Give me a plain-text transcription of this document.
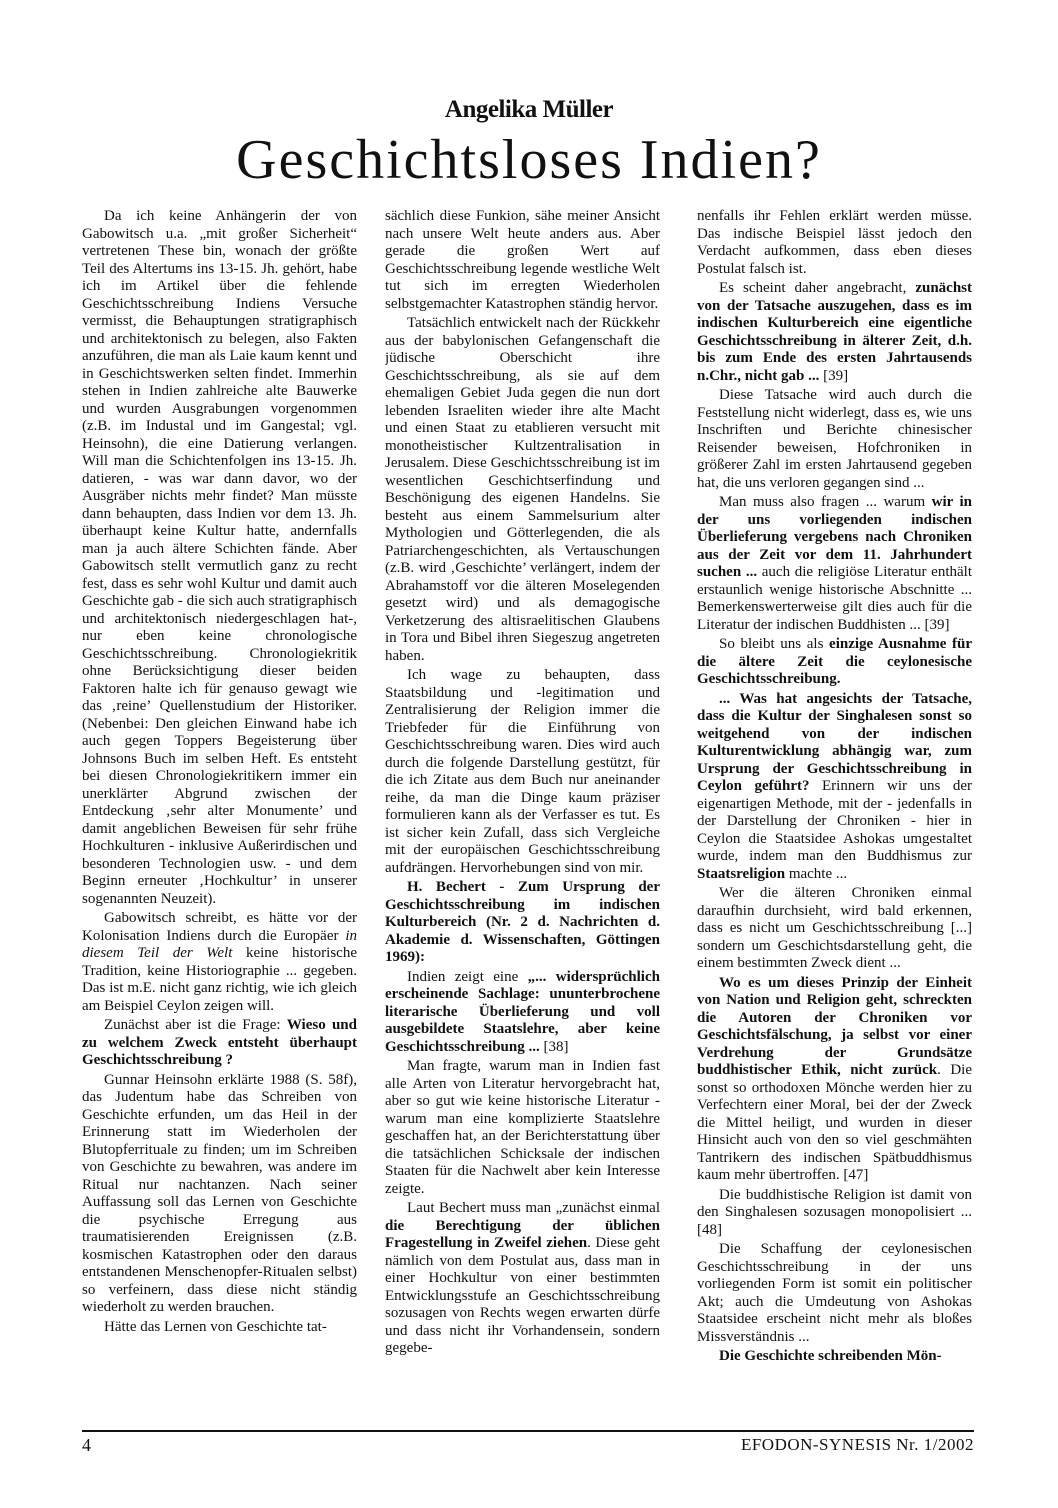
Angelika Müller
Geschichtsloses Indien?

Da ich keine Anhängerin der von Gabowitsch u.a. „mit großer Sicherheit“ vertretenen These bin, wonach der größte Teil des Altertums ins 13-15. Jh. gehört, habe ich im Artikel über die fehlende Geschichtsschreibung Indiens Versuche vermisst, die Behauptungen stratigraphisch und architektonisch zu belegen, also Fakten anzuführen, die man als Laie kaum kennt und in Geschichtswerken selten findet. Immerhin stehen in Indien zahlreiche alte Bauwerke und wurden Ausgrabungen vorgenommen (z.B. im Industal und im Gangestal; vgl. Heinsohn), die eine Datierung verlangen. Will man die Schichtenfolgen ins 13-15. Jh. datieren, - was war dann davor, wo der Ausgräber nichts mehr findet? Man müsste dann behaupten, dass Indien vor dem 13. Jh. überhaupt keine Kultur hatte, andernfalls man ja auch ältere Schichten fände. Aber Gabowitsch stellt vermutlich ganz zu recht fest, dass es sehr wohl Kultur und damit auch Geschichte gab - die sich auch stratigraphisch und architektonisch niedergeschlagen hat-, nur eben keine chronologische Geschichtsschreibung. Chronologiekritik ohne Berücksichtigung dieser beiden Faktoren halte ich für genauso gewagt wie das ‚reine’ Quellenstudium der Historiker. (Nebenbei: Den gleichen Einwand habe ich auch gegen Toppers Begeisterung über Johnsons Buch im selben Heft. Es entsteht bei diesen Chronologiekritikern immer ein unerklärter Abgrund zwischen der Entdeckung ‚sehr alter Monumente’ und damit angeblichen Beweisen für sehr frühe Hochkulturen - inklusive Außerirdischen und besonderen Technologien usw. - und dem Beginn erneuter ‚Hochkultur’ in unserer sogenannten Neuzeit).

Gabowitsch schreibt, es hätte vor der Kolonisation Indiens durch die Europäer in diesem Teil der Welt keine historische Tradition, keine Historiographie ... gegeben. Das ist m.E. nicht ganz richtig, wie ich gleich am Beispiel Ceylon zeigen will.

Zunächst aber ist die Frage: Wieso und zu welchem Zweck entsteht überhaupt Geschichtsschreibung ?

Gunnar Heinsohn erklärte 1988 (S. 58f), das Judentum habe das Schreiben von Geschichte erfunden, um das Heil in der Erinnerung statt im Wiederholen der Blutopferrituale zu finden; um im Schreiben von Geschichte zu bewahren, was andere im Ritual nur nachtanzen. Nach seiner Auffassung soll das Lernen von Geschichte die psychische Erregung aus traumatisierenden Ereignissen (z.B. kosmischen Katastrophen oder den daraus entstandenen Menschenopfer-Ritualen selbst) so verfeinern, dass diese nicht ständig wiederholt zu werden brauchen.

Hätte das Lernen von Geschichte tat-

sächlich diese Funkion, sähe meiner Ansicht nach unsere Welt heute anders aus. Aber gerade die großen Wert auf Geschichtsschreibung legende westliche Welt tut sich im erregten Wiederholen selbstgemachter Katastrophen ständig hervor.

Tatsächlich entwickelt nach der Rückkehr aus der babylonischen Gefangenschaft die jüdische Oberschicht ihre Geschichtsschreibung, als sie auf dem ehemaligen Gebiet Juda gegen die nun dort lebenden Israeliten wieder ihre alte Macht und einen Staat zu etablieren versucht mit monotheistischer Kultzentralisation in Jerusalem. Diese Geschichtsschreibung ist im wesentlichen Geschichtserfindung und Beschönigung des eigenen Handelns. Sie besteht aus einem Sammelsurium alter Mythologien und Götterlegenden, die als Patriarchengeschichten, als Vertauschungen (z.B. wird ‚Geschichte’ verlängert, indem der Abrahamstoff vor die älteren Moselegenden gesetzt wird) und als demagogische Verketzerung des altisraelitischen Glaubens in Tora und Bibel ihren Siegeszug angetreten haben.

Ich wage zu behaupten, dass Staatsbildung und -legitimation und Zentralisierung der Religion immer die Triebfeder für die Einführung von Geschichtsschreibung waren. Dies wird auch durch die folgende Darstellung gestützt, für die ich Zitate aus dem Buch nur aneinander reihe, da man die Dinge kaum präziser formulieren kann als der Verfasser es tut. Es ist sicher kein Zufall, dass sich Vergleiche mit der europäischen Geschichtsschreibung aufdrängen. Hervorhebungen sind von mir.

H. Bechert - Zum Ursprung der Geschichtsschreibung im indischen Kulturbereich (Nr. 2 d. Nachrichten d. Akademie d. Wissenschaften, Göttingen 1969):

Indien zeigt eine „... widersprüchlich erscheinende Sachlage: ununterbrochene literarische Überlieferung und voll ausgebildete Staatslehre, aber keine Geschichtsschreibung ... [38]

Man fragte, warum man in Indien fast alle Arten von Literatur hervorgebracht hat, aber so gut wie keine historische Literatur - warum man eine komplizierte Staatslehre geschaffen hat, an der Berichterstattung über die tatsächlichen Schicksale der indischen Staaten für die Nachwelt aber kein Interesse zeigte.

Laut Bechert muss man „zunächst einmal die Berechtigung der üblichen Fragestellung in Zweifel ziehen. Diese geht nämlich von dem Postulat aus, dass man in einer Hochkultur von einer bestimmten Entwicklungsstufe an Geschichtsschreibung sozusagen von Rechts wegen erwarten dürfe und dass nicht ihr Vorhandensein, sondern gegebe-

nenfalls ihr Fehlen erklärt werden müsse. Das indische Beispiel lässt jedoch den Verdacht aufkommen, dass eben dieses Postulat falsch ist.

Es scheint daher angebracht, zunächst von der Tatsache auszugehen, dass es im indischen Kulturbereich eine eigentliche Geschichtsschreibung in älterer Zeit, d.h. bis zum Ende des ersten Jahrtausends n.Chr., nicht gab ... [39]

Diese Tatsache wird auch durch die Feststellung nicht widerlegt, dass es, wie uns Inschriften und Berichte chinesischer Reisender beweisen, Hofchroniken in größerer Zahl im ersten Jahrtausend gegeben hat, die uns verloren gegangen sind ...

Man muss also fragen ... warum wir in der uns vorliegenden indischen Überlieferung vergebens nach Chroniken aus der Zeit vor dem 11. Jahrhundert suchen ... auch die religiöse Literatur enthält erstaunlich wenige historische Abschnitte ... Bemerkenswerterweise gilt dies auch für die Literatur der indischen Buddhisten ... [39]

So bleibt uns als einzige Ausnahme für die ältere Zeit die ceylonesische Geschichtsschreibung.

... Was hat angesichts der Tatsache, dass die Kultur der Singhalesen sonst so weitgehend von der indischen Kulturentwicklung abhängig war, zum Ursprung der Geschichtsschreibung in Ceylon geführt? Erinnern wir uns der eigenartigen Methode, mit der - jedenfalls in der Darstellung der Chroniken - hier in Ceylon die Staatsidee Ashokas umgestaltet wurde, indem man den Buddhismus zur Staatsreligion machte ...

Wer die älteren Chroniken einmal daraufhin durchsieht, wird bald erkennen, dass es nicht um Geschichtsschreibung [...] sondern um Geschichtsdarstellung geht, die einem bestimmten Zweck dient ...

Wo es um dieses Prinzip der Einheit von Nation und Religion geht, schreckten die Autoren der Chroniken vor Geschichtsfälschung, ja selbst vor einer Verdrehung der Grundsätze buddhistischer Ethik, nicht zurück. Die sonst so orthodoxen Mönche werden hier zu Verfechtern einer Moral, bei der der Zweck die Mittel heiligt, und wurden in dieser Hinsicht auch von den so viel geschmähten Tantrikern des indischen Spätbuddhismus kaum mehr übertroffen. [47]

Die buddhistische Religion ist damit von den Singhalesen sozusagen monopolisiert ... [48]

Die Schaffung der ceylonesischen Geschichtsschreibung in der uns vorliegenden Form ist somit ein politischer Akt; auch die Umdeutung von Ashokas Staatsidee erscheint nicht mehr als bloßes Missverständnis ...

Die Geschichte schreibenden Mön-

4	EFODON-SYNESIS Nr. 1/2002
